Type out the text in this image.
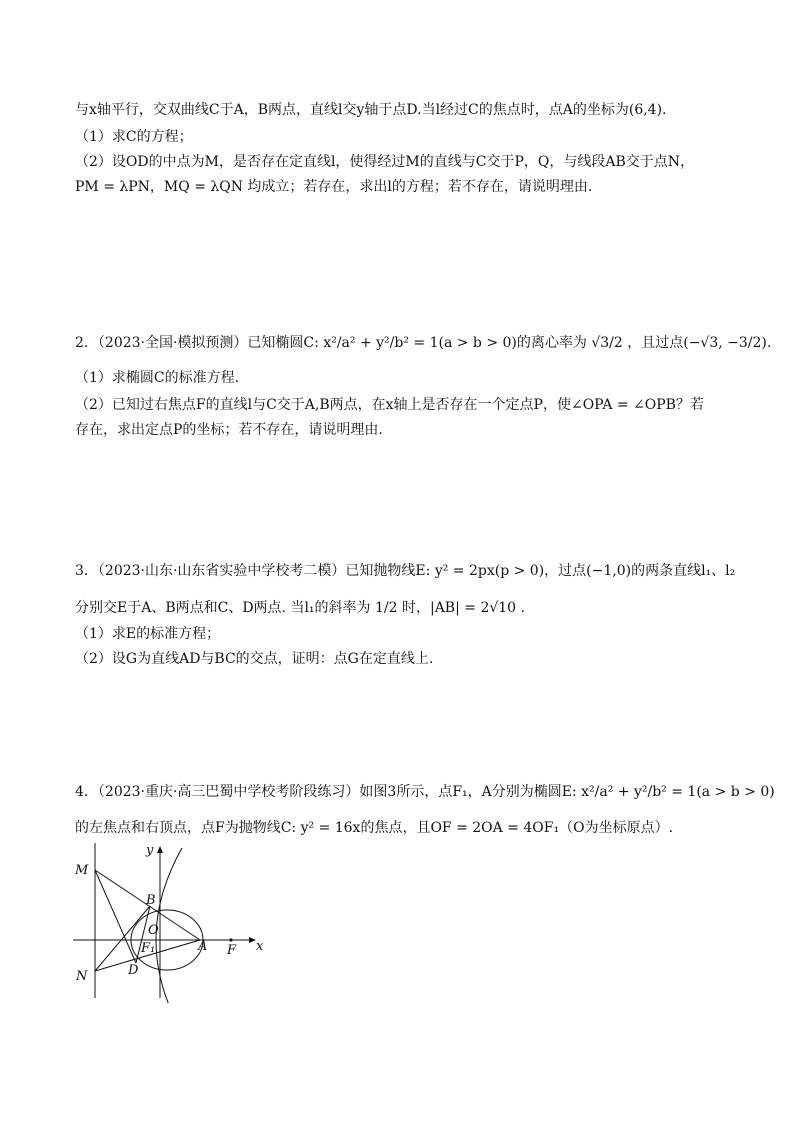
与x轴平行，交双曲线C于A，B两点，直线l交y轴于点D.当l经过C的焦点时，点A的坐标为(6,4).
（1）求C的方程；
（2）设OD的中点为M，是否存在定直线l，使得经过M的直线与C交于P，Q，与线段AB交于点N，
PM = λPN，MQ = λQN 均成立；若存在，求出l的方程；若不存在，请说明理由.
2．（2023·全国·模拟预测）已知椭圆C: x²/a² + y²/b² = 1(a > b > 0)的离心率为 √3/2 ，且过点(−√3, −3/2).
（1）求椭圆C的标准方程.
（2）已知过右焦点F的直线l与C交于A,B两点，在x轴上是否存在一个定点P，使∠OPA = ∠OPB？若
存在，求出定点P的坐标；若不存在，请说明理由.
3．（2023·山东·山东省实验中学校考二模）已知抛物线E: y² = 2px(p > 0)，过点(−1,0)的两条直线l₁、l₂
分别交E于A、B两点和C、D两点. 当l₁的斜率为 1/2 时，|AB| = 2√10 .
（1）求E的标准方程；
（2）设G为直线AD与BC的交点，证明：点G在定直线上.
4．（2023·重庆·高三巴蜀中学校考阶段练习）如图3所示，点F₁，A分别为椭圆E: x²/a² + y²/b² = 1(a > b > 0)
的左焦点和右顶点，点F为抛物线C: y² = 16x的焦点，且OF = 2OA = 4OF₁（O为坐标原点）.
y
x
M
B
O
F₁	A F
N	D
